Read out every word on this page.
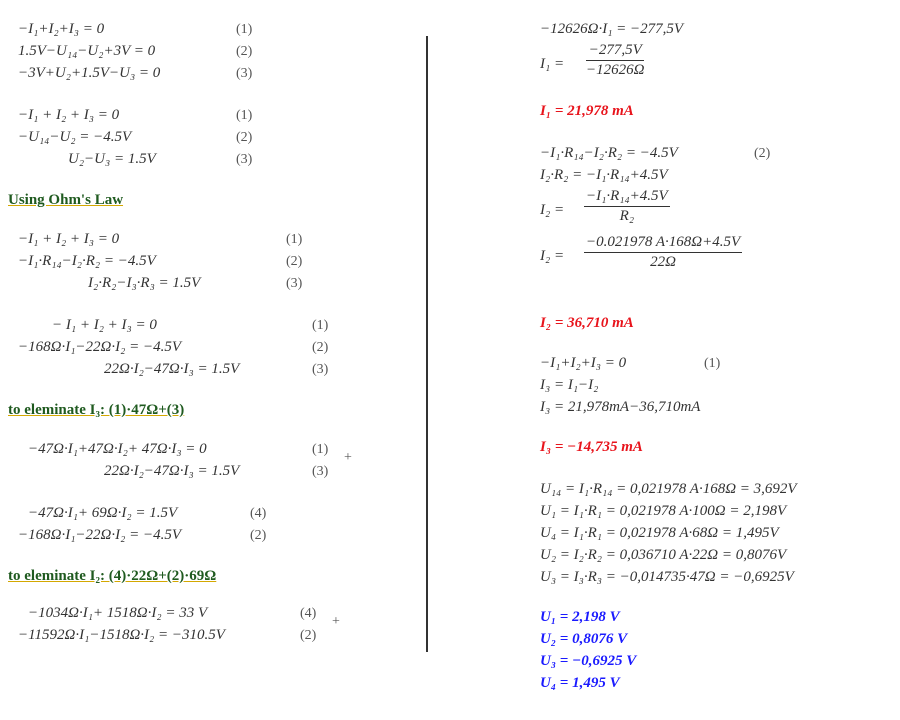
−I₁+I₂+I₃ = 0	(1)
1.5V−U₁₄−U₂+3V = 0	(2)
−3V+U₂+1.5V−U₃ = 0	(3)
−I₁ + I₂ + I₃ = 0	(1)
−U₁₄−U₂ = −4.5V	(2)
U₂−U₃ = 1.5V	(3)
Using Ohm's Law
−I₁ + I₂ + I₃ = 0	(1)
−I₁·R₁₄−I₂·R₂ = −4.5V	(2)
I₂·R₂−I₃·R₃ = 1.5V	(3)
− I₁ + I₂ + I₃ = 0	(1)
−168Ω·I₁−22Ω·I₂ = −4.5V	(2)
22Ω·I₂−47Ω·I₃ = 1.5V	(3)
to eleminate I₃: (1)·47Ω+(3)
−47Ω·I₁+47Ω·I₂+ 47Ω·I₃ = 0	(1)
+
22Ω·I₂−47Ω·I₃ = 1.5V	(3)
−47Ω·I₁+ 69Ω·I₂ = 1.5V	(4)
−168Ω·I₁−22Ω·I₂ = −4.5V	(2)
to eleminate I₂: (4)·22Ω+(2)·69Ω
−1034Ω·I₁+ 1518Ω·I₂ = 33 V	(4)
+
−11592Ω·I₁−1518Ω·I₂ = −310.5V	(2)
−12626Ω·I₁ = −277,5V
$I_1 = \frac{-277,5V}{-12626\Omega}$
I₁ = 21,978 mA
−I₁·R₁₄−I₂·R₂ = −4.5V	(2)
I₂·R₂ = −I₁·R₁₄+4.5V
$I_2 = \frac{\text{−I₁·R₁₄+4.5V}}{\text{R₂}}$
$I_2 = \frac{-0.021978 A\cdot 168\Omega+4.5V}{22\Omega}$
I₂ = 36,710 mA
−I₁+I₂+I₃ = 0	(1)
I₃ = I₁−I₂
I₃ = 21,978mA−36,710mA
I₃ = −14,735 mA
U₁₄ = I₁·R₁₄ = 0,021978 A·168Ω = 3,692V
U₁ = I₁·R₁ = 0,021978 A·100Ω = 2,198V
U₄ = I₁·R₁ = 0,021978 A·68Ω = 1,495V
U₂ = I₂·R₂ = 0,036710 A·22Ω = 0,8076V
U₃ = I₃·R₃ = −0,014735·47Ω = −0,6925V
U₁ = 2,198 V
U₂ = 0,8076 V
U₃ = −0,6925 V
U₄ = 1,495 V
